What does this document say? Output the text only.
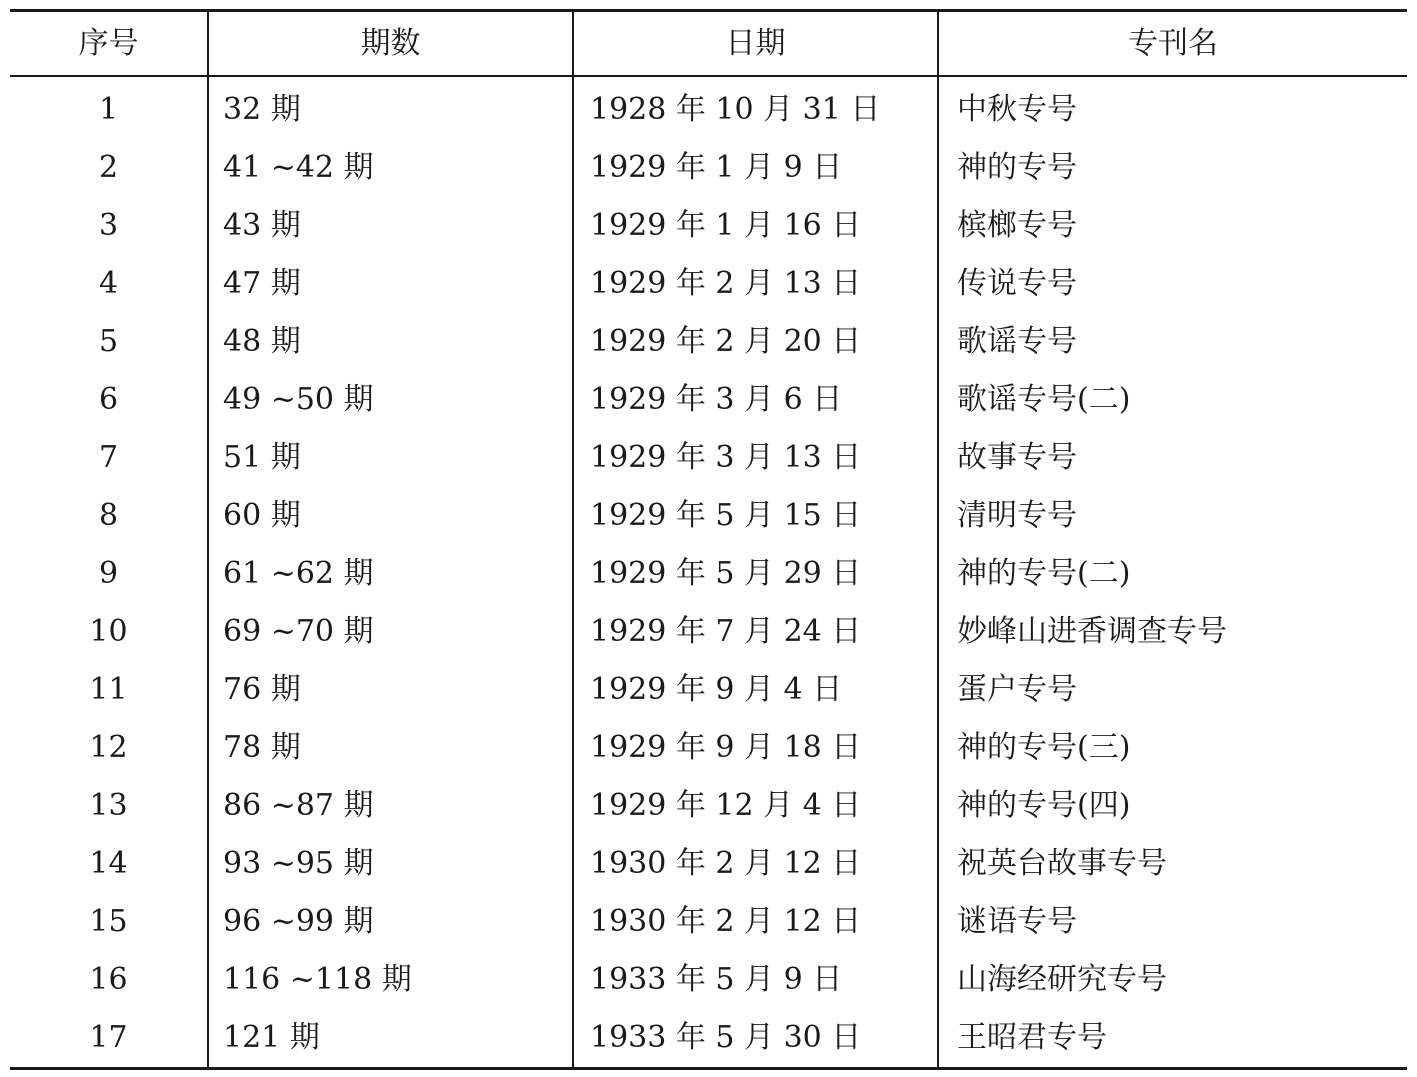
序号	期数	日期	专刊名
1	32 期	1928 年 10 月 31 日	中秋专号
2	41 ~42 期	1929 年 1 月 9 日	神的专号
3	43 期	1929 年 1 月 16 日	槟榔专号
4	47 期	1929 年 2 月 13 日	传说专号
5	48 期	1929 年 2 月 20 日	歌谣专号
6	49 ~50 期	1929 年 3 月 6 日	歌谣专号(二)
7	51 期	1929 年 3 月 13 日	故事专号
8	60 期	1929 年 5 月 15 日	清明专号
9	61 ~62 期	1929 年 5 月 29 日	神的专号(二)
10	69 ~70 期	1929 年 7 月 24 日	妙峰山进香调查专号
11	76 期	1929 年 9 月 4 日	蛋户专号
12	78 期	1929 年 9 月 18 日	神的专号(三)
13	86 ~87 期	1929 年 12 月 4 日	神的专号(四)
14	93 ~95 期	1930 年 2 月 12 日	祝英台故事专号
15	96 ~99 期	1930 年 2 月 12 日	谜语专号
16	116 ~118 期	1933 年 5 月 9 日	山海经研究专号
17	121 期	1933 年 5 月 30 日	王昭君专号
